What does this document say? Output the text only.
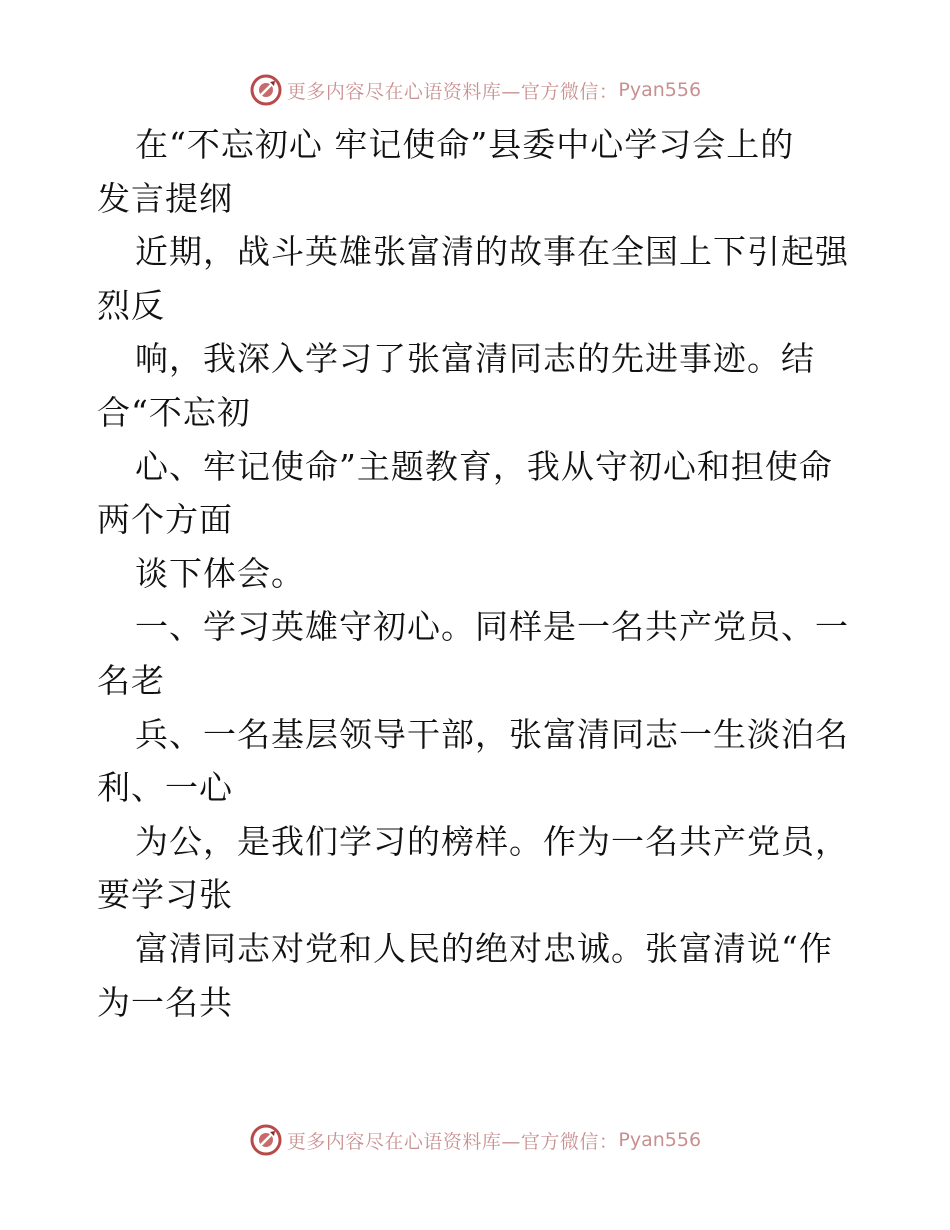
更多内容尽在心语资料库—官方微信： Pyan556
在“不忘初心 牢记使命”县委中心学习会上的
发言提纲
近期，战斗英雄张富清的故事在全国上下引起强
烈反
响，我深入学习了张富清同志的先进事迹。结
合“不忘初
心、牢记使命”主题教育，我从守初心和担使命
两个方面
谈下体会。
一、学习英雄守初心。同样是一名共产党员、一
名老
兵、一名基层领导干部，张富清同志一生淡泊名
利、一心
为公，是我们学习的榜样。作为一名共产党员，
要学习张
富清同志对党和人民的绝对忠诚。张富清说“作
为一名共
更多内容尽在心语资料库—官方微信： Pyan556
